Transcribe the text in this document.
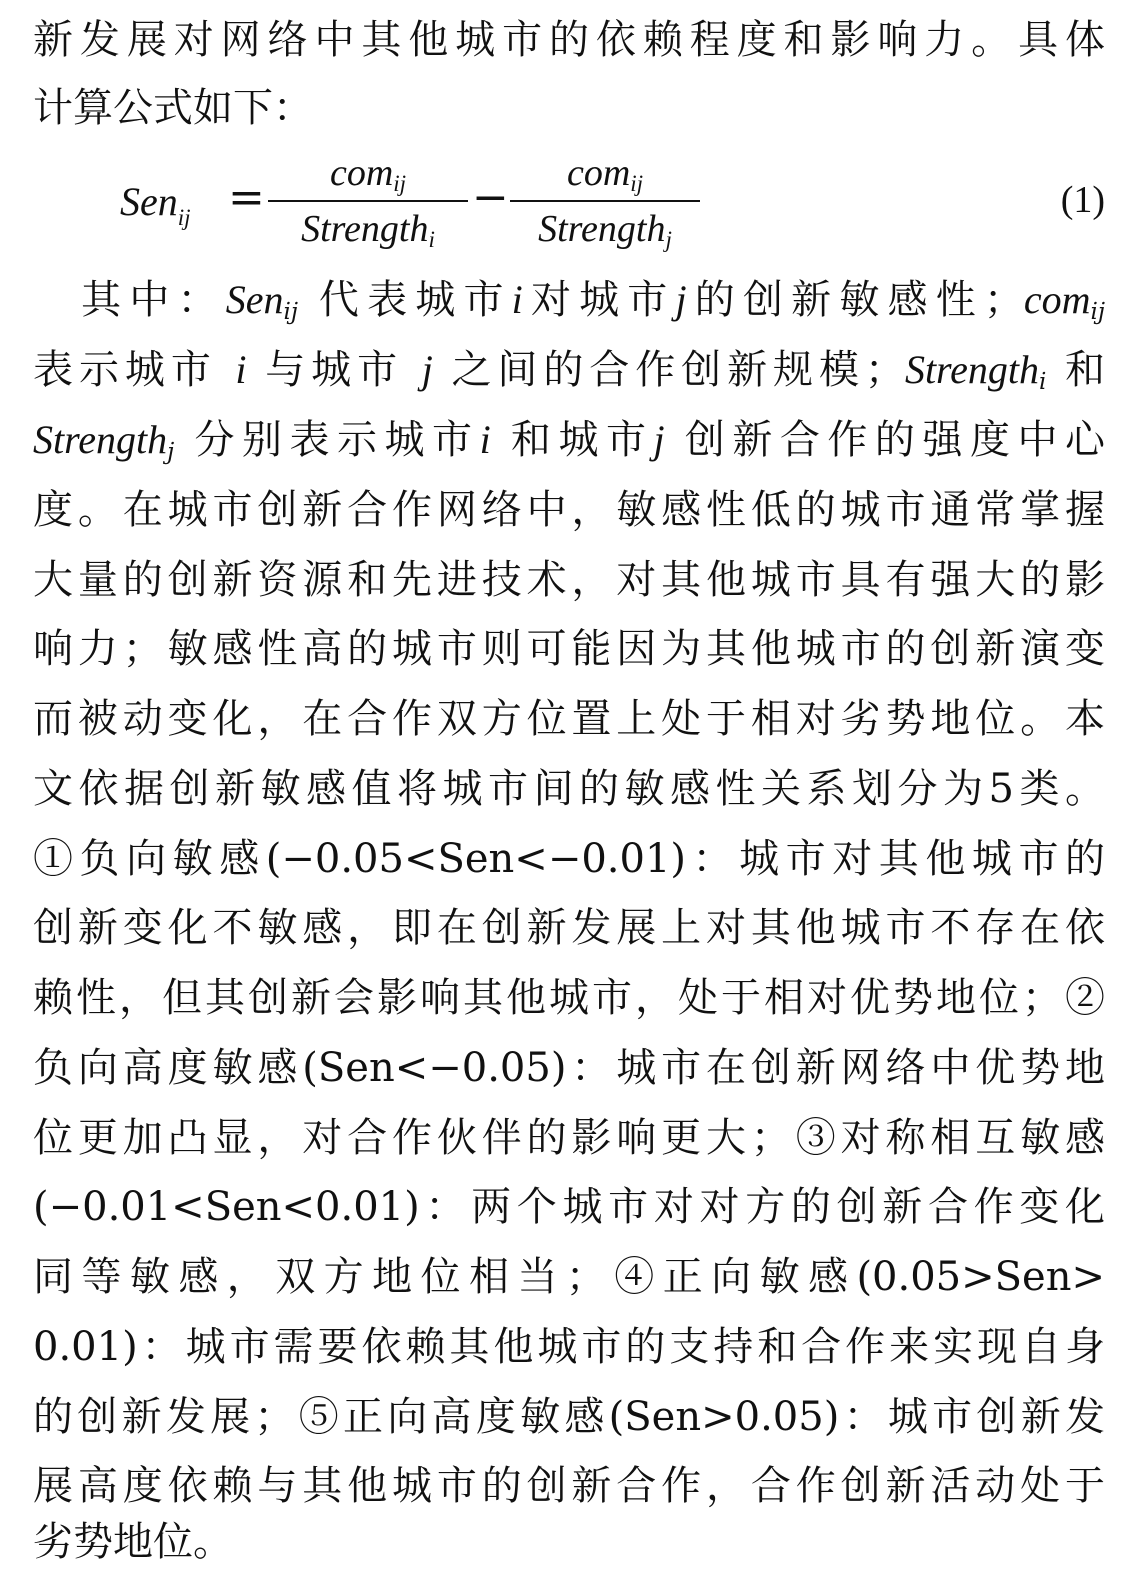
新发展对网络中其他城市的依赖程度和影响力。具体
计算公式如下：
Sen$_{ij}$ =	com$_{ij}$
Strength$_i$
−	com$_{ij}$
Strength$_j$
(1)
　其中：Sen$_{ij}$ 代表城市i对城市j的创新敏感性；com$_{ij}$
表示城市 i 与城市 j 之间的合作创新规模；Strength$_i$ 和
Strength$_j$ 分别表示城市i 和城市j 创新合作的强度中心
度。在城市创新合作网络中，敏感性低的城市通常掌握
大量的创新资源和先进技术，对其他城市具有强大的影
响力；敏感性高的城市则可能因为其他城市的创新演变
而被动变化，在合作双方位置上处于相对劣势地位。本
文依据创新敏感值将城市间的敏感性关系划分为5类。
①负向敏感(−0.05<Sen<−0.01)：城市对其他城市的
创新变化不敏感，即在创新发展上对其他城市不存在依
赖性，但其创新会影响其他城市，处于相对优势地位；②
负向高度敏感(Sen<−0.05)：城市在创新网络中优势地
位更加凸显，对合作伙伴的影响更大；③对称相互敏感
(−0.01<Sen<0.01)：两个城市对对方的创新合作变化
同等敏感，双方地位相当；④正向敏感(0.05>Sen>
0.01)：城市需要依赖其他城市的支持和合作来实现自身
的创新发展；⑤正向高度敏感(Sen>0.05)：城市创新发
展高度依赖与其他城市的创新合作，合作创新活动处于
劣势地位。
